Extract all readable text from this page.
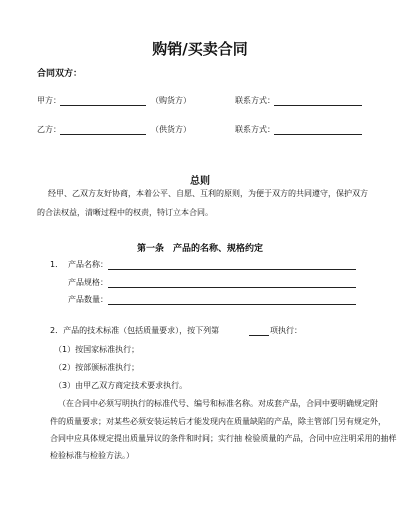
购销/买卖合同
合同双方：
甲方：	（购货方）	联系方式：
乙方：	（供货方）	联系方式：
总则
经甲、乙双方友好协商，本着公平、自愿、互利的原则，为便于双方的共同遵守，保护双方
的合法权益，清晰过程中的权责，特订立本合同。
第一条　产品的名称、规格约定
1． 产品名称：
产品规格：
产品数量：
2．产品的技术标准（包括质量要求），按下列第	项执行：
（1）按国家标准执行；
（2）按部颁标准执行；
（3）由甲乙双方商定技术要求执行。
（在合同中必须写明执行的标准代号、编号和标准名称。对成套产品，合同中要明确规定附
件的质量要求；对某些必须安装运转后才能发现内在质量缺陷的产品，除主管部门另有规定外，
合同中应具体规定提出质量异议的条件和时间；实行抽 检验质量的产品，合同中应注明采用的抽样
检验标准与检验方法。）
